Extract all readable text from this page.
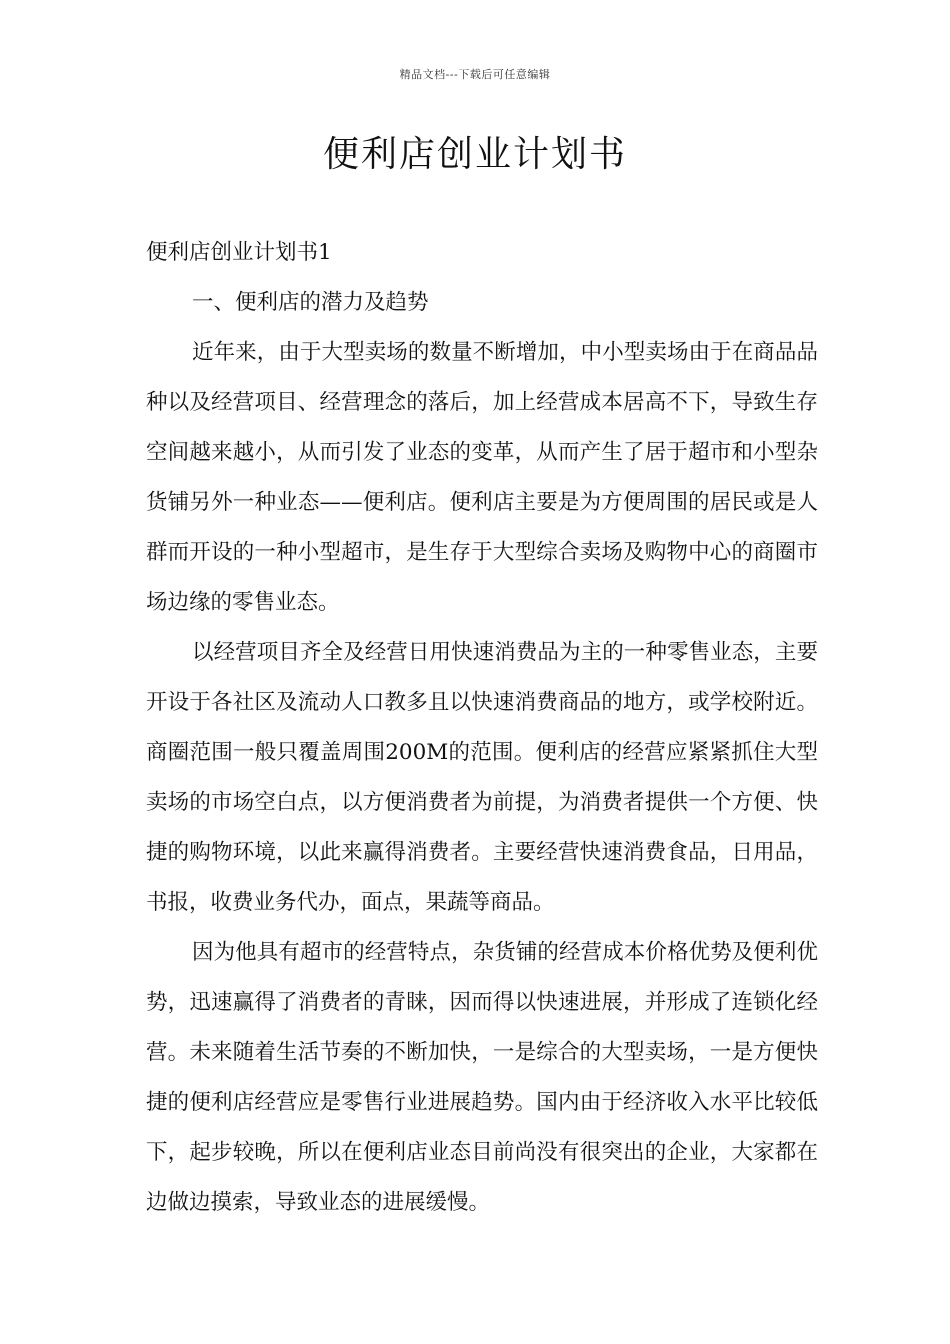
精品文档---下载后可任意编辑
便利店创业计划书

便利店创业计划书1

一、便利店的潜力及趋势

近年来，由于大型卖场的数量不断增加，中小型卖场由于在商品品种以及经营项目、经营理念的落后，加上经营成本居高不下，导致生存空间越来越小，从而引发了业态的变革，从而产生了居于超市和小型杂货铺另外一种业态——便利店。便利店主要是为方便周围的居民或是人群而开设的一种小型超市，是生存于大型综合卖场及购物中心的商圈市场边缘的零售业态。

以经营项目齐全及经营日用快速消费品为主的一种零售业态，主要开设于各社区及流动人口教多且以快速消费商品的地方，或学校附近。商圈范围一般只覆盖周围200M的范围。便利店的经营应紧紧抓住大型卖场的市场空白点，以方便消费者为前提，为消费者提供一个方便、快捷的购物环境，以此来赢得消费者。主要经营快速消费食品，日用品，书报，收费业务代办，面点，果蔬等商品。

因为他具有超市的经营特点，杂货铺的经营成本价格优势及便利优势，迅速赢得了消费者的青睐，因而得以快速进展，并形成了连锁化经营。未来随着生活节奏的不断加快，一是综合的大型卖场，一是方便快捷的便利店经营应是零售行业进展趋势。国内由于经济收入水平比较低下，起步较晚，所以在便利店业态目前尚没有很突出的企业，大家都在边做边摸索，导致业态的进展缓慢。
